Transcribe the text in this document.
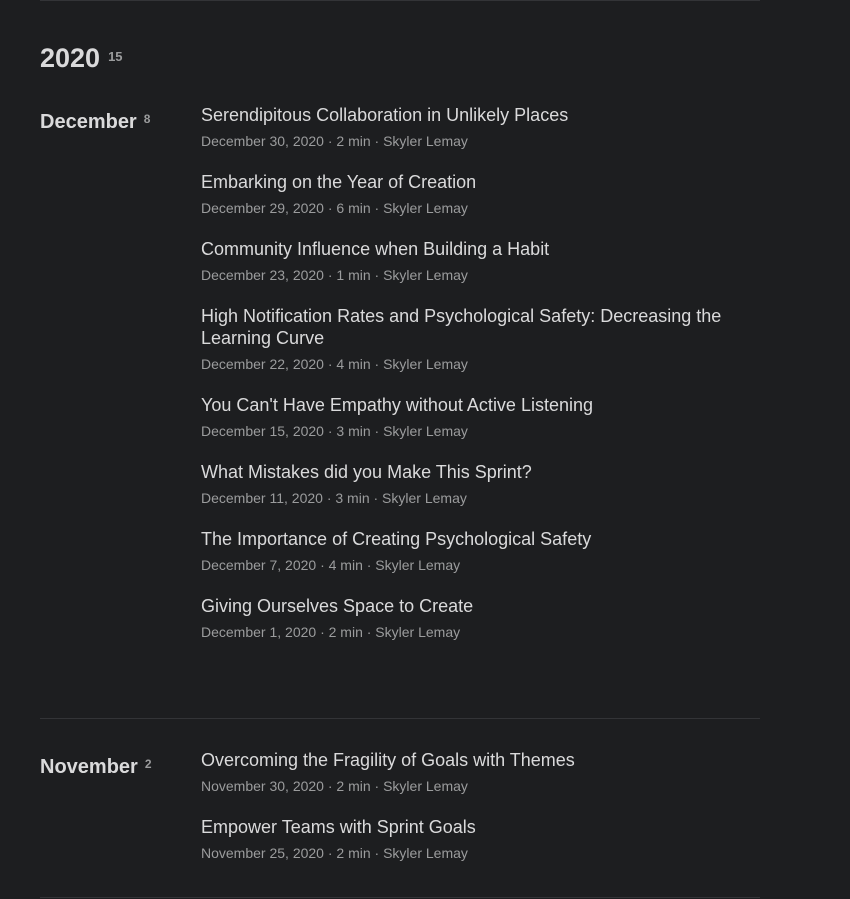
2020 $^{15}$
December $^8$	Serendipitous Collaboration in Unlikely Places
December 30, 2020 · 2 min · Skyler Lemay
Embarking on the Year of Creation
December 29, 2020 · 6 min · Skyler Lemay
Community Influence when Building a Habit
December 23, 2020 · 1 min · Skyler Lemay
High Notification Rates and Psychological Safety: Decreasing the Learning Curve
December 22, 2020 · 4 min · Skyler Lemay
You Can't Have Empathy without Active Listening
December 15, 2020 · 3 min · Skyler Lemay
What Mistakes did you Make This Sprint?
December 11, 2020 · 3 min · Skyler Lemay
The Importance of Creating Psychological Safety
December 7, 2020 · 4 min · Skyler Lemay
Giving Ourselves Space to Create
December 1, 2020 · 2 min · Skyler Lemay
November $^2$	Overcoming the Fragility of Goals with Themes
November 30, 2020 · 2 min · Skyler Lemay
Empower Teams with Sprint Goals
November 25, 2020 · 2 min · Skyler Lemay
